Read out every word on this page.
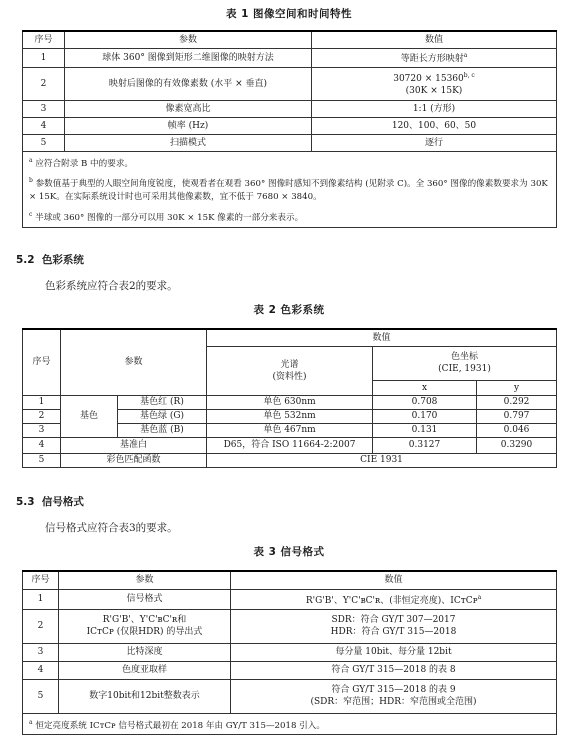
表 1 图像空间和时间特性
序号	参数	数值
1	球体 360° 图像到矩形二维图像的映射方法	等距长方形映射$^a$
2	映射后图像的有效像素数 (水平 × 垂直)	$30720 \times 15360^{b, c}$
(30K × 15K)

3	像素宽高比	1:1 (方形)
4	帧率 (Hz)	120、100、60、50
5	扫描模式	逐行

$^a$ 应符合附录 B 中的要求。
$^b$ 参数值基于典型的人眼空间角度锐度，使观看者在观看 360° 图像时感知不到像素结构 (见附录 C)。全 360° 图像的像素数要求为 30K × 15K。在实际系统设计时也可采用其他像素数，宜不低于 7680 × 3840。
$^c$ 半球或 360° 图像的一部分可以用 30K × 15K 像素的一部分来表示。		
5.2 色彩系统
色彩系统应符合表2的要求。
表 2 色彩系统
序号	参数		数值		

			光谱
(资料性)	色坐标
(CIE, 1931)	

				x	y
1	基色	基色红 (R)	单色 630nm	0.708	0.292
2		基色绿 (G)	单色 532nm	0.170	0.797
3		基色蓝 (B)	单色 467nm	0.131	0.046
4	基准白		D65，符合 ISO 11664-2:2007	0.3127	0.3290
5	彩色匹配函数		CIE 1931		
5.3 信号格式
信号格式应符合表3的要求。
表 3 信号格式
序号	参数	数值
1	信号格式	R'G'B'、Y'C'ʙC'ʀ、(非恒定亮度)、ICᴛCᴘ$^a$
2	R'G'B'、Y'C'ʙC'ʀ和
ICᴛCᴘ (仅限HDR) 的导出式	SDR：符合 GY/T 307—2017
HDR：符合 GY/T 315—2018

3	比特深度	每分量 10bit、每分量 12bit
4	色度亚取样	符合 GY/T 315—2018 的表 8
5	数字10bit和12bit整数表示	符合 GY/T 315—2018 的表 9
(SDR：窄范围；HDR：窄范围或全范围)

$^a$ 恒定亮度系统 ICᴛCᴘ 信号格式最初在 2018 年由 GY/T 315—2018 引入。		
